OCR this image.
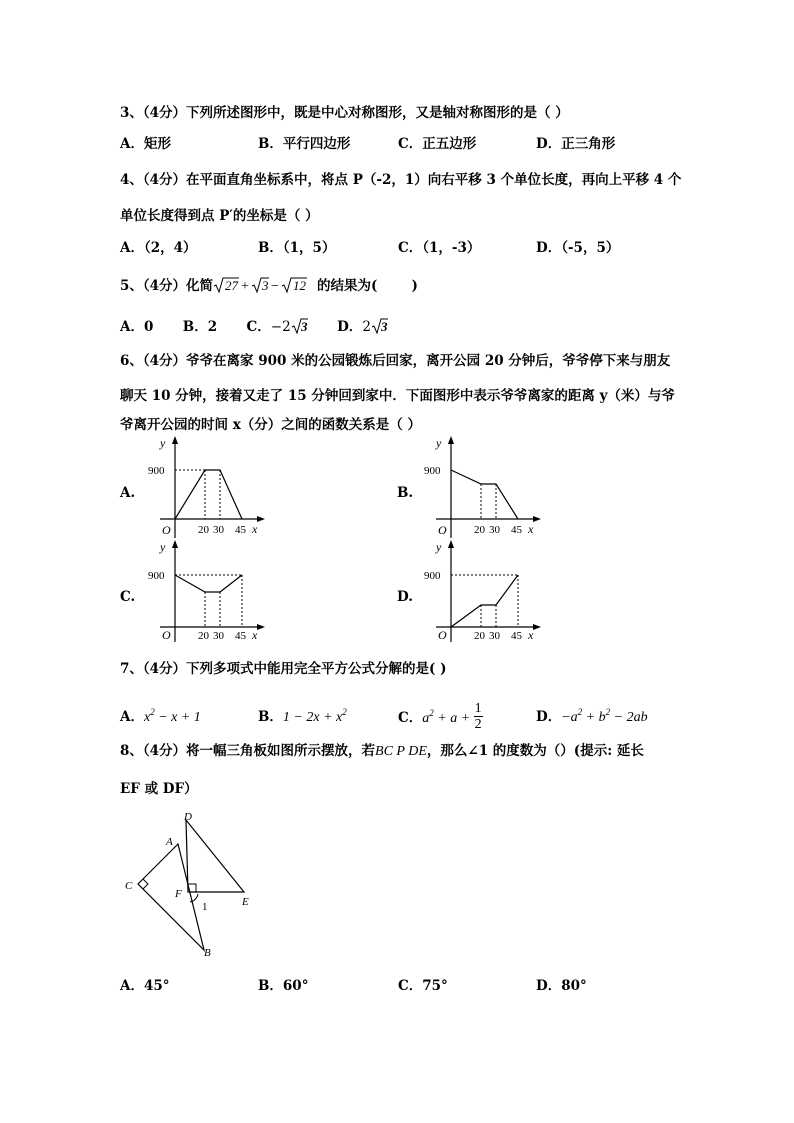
3、（4分）下列所述图形中，既是中心对称图形，又是轴对称图形的是（ ）
A．矩形	B．平行四边形	C．正五边形	D．正三角形
4、（4分）在平面直角坐标系中，将点 P（-2，1）向右平移 3 个单位长度，再向上平移 4 个
单位长度得到点 P′的坐标是（ ）
A．（2，4）	B．（1，5）	C．（1，-3）	D．（-5，5）
5、（4分）化简 27 + 3 − 12 的结果为(	)
A．0 B．2 C．−2 3 D．2 3
6、（4分）爷爷在离家 900 米的公园锻炼后回家，离开公园 20 分钟后，爷爷停下来与朋友
聊天 10 分钟，接着又走了 15 分钟回到家中．下面图形中表示爷爷离家的距离 y（米）与爷
爷离开公园的时间 x（分）之间的函数关系是（ ）
A.	B.
C.	D.
y
O
900
20 30 45 x
y
O
900
20 30 45 x
y
O
900
20 30 45 x
y
O
900
20 30 45 x
7、（4分）下列多项式中能用完全平方公式分解的是( )
A．$x^2 - x + 1$	B．$1 - 2x + x^2$	C．$a^2 + a + \frac{1}{2}$	D．$-a^2 + b^2 - 2ab$
8、（4分）将一幅三角板如图所示摆放，若BC P DE，那么∠1 的度数为（）(提示: 延长
EF 或 DF）
A
D
C
F
E
B
1
A．45°	B．60°	C．75°	D．80°
